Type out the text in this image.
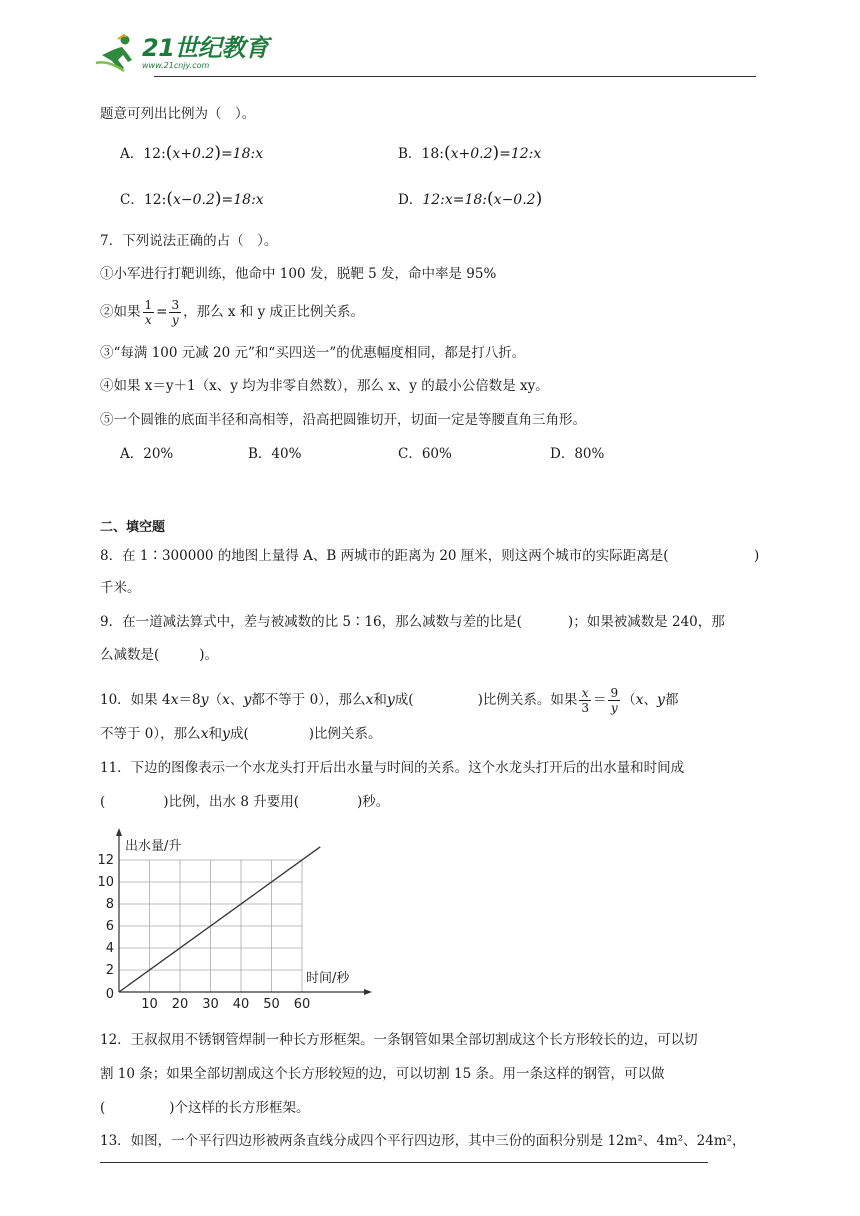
21世纪教育
www.21cnjy.com
题意可列出比例为（　）。
A．12:(x+0.2)=18:x	B．18:(x+0.2)=12:x
C．12:(x−0.2)=18:x	D．12:x=18:(x−0.2)
7．下列说法正确的占（　）。
①小军进行打靶训练，他命中 100 发，脱靶 5 发，命中率是 95%
②如果 $\frac{1}{x} = \frac{3}{y}$ ，那么 x 和 y 成正比例关系。
③“每满 100 元减 20 元”和“买四送一”的优惠幅度相同，都是打八折。
④如果 x＝y＋1（x、y 均为非零自然数），那么 x、y 的最小公倍数是 xy。
⑤一个圆锥的底面半径和高相等，沿高把圆锥切开，切面一定是等腰直角三角形。
A．20%	B．40%	C．60%	D．80%
二、填空题
8．在 1∶300000 的地图上量得 A、B 两城市的距离为 20 厘米，则这两个城市的实际距离是(	)
千米。
9．在一道减法算式中，差与被减数的比 5∶16，那么减数与差的比是(	)；如果被减数是 240，那
么减数是(	)。
10．如果 4x＝8y（x、y都不等于 0），那么x和y成(	)比例关系。如果 $\frac{x}{3} = \frac{9}{y} (x$、y都
不等于 0），那么x和y成(	)比例关系。
11．下边的图像表示一个水龙头打开后出水量与时间的关系。这个水龙头打开后的出水量和时间成
(	)比例，出水 8 升要用(	)秒。
10 20 30 40 50 60
2
4
6
8
10
12
0
出水量/升
时间/秒
12．王叔叔用不锈钢管焊制一种长方形框架。一条钢管如果全部切割成这个长方形较长的边，可以切
割 10 条；如果全部切割成这个长方形较短的边，可以切割 15 条。用一条这样的钢管，可以做
(	)个这样的长方形框架。
13．如图，一个平行四边形被两条直线分成四个平行四边形，其中三份的面积分别是 12m²、4m²、24m²，
